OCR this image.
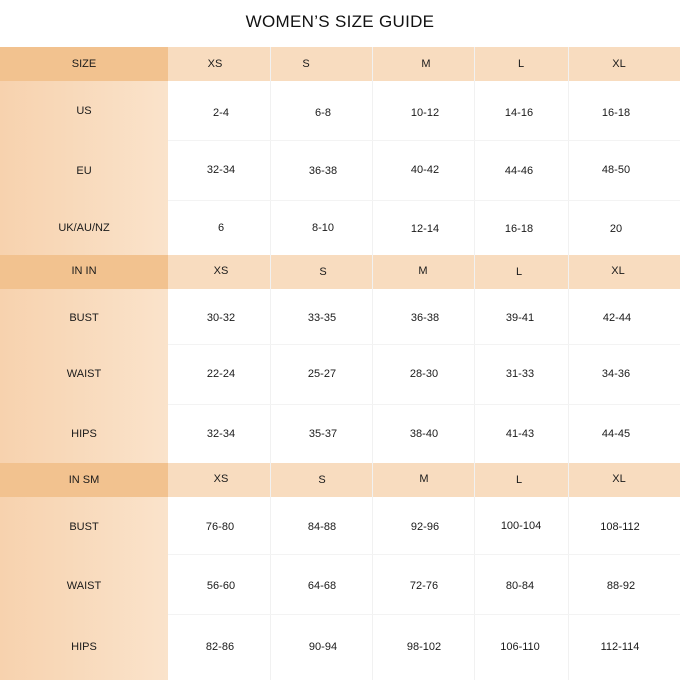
WOMEN’S SIZE GUIDE
SIZE	XS	S	M	L	XL
US	2-4	6-8	10-12	14-16	16-18
EU	32-34	36-38	40-42	44-46	48-50
UK/AU/NZ	6	8-10	12-14	16-18	20
IN IN	XS	S	M	L	XL
BUST	30-32	33-35	36-38	39-41	42-44
WAIST	22-24	25-27	28-30	31-33	34-36
HIPS	32-34	35-37	38-40	41-43	44-45
IN SM	XS	S	M	L	XL
BUST	76-80	84-88	92-96	100-104	108-112
WAIST	56-60	64-68	72-76	80-84	88-92
HIPS	82-86	90-94	98-102	106-110	112-114
